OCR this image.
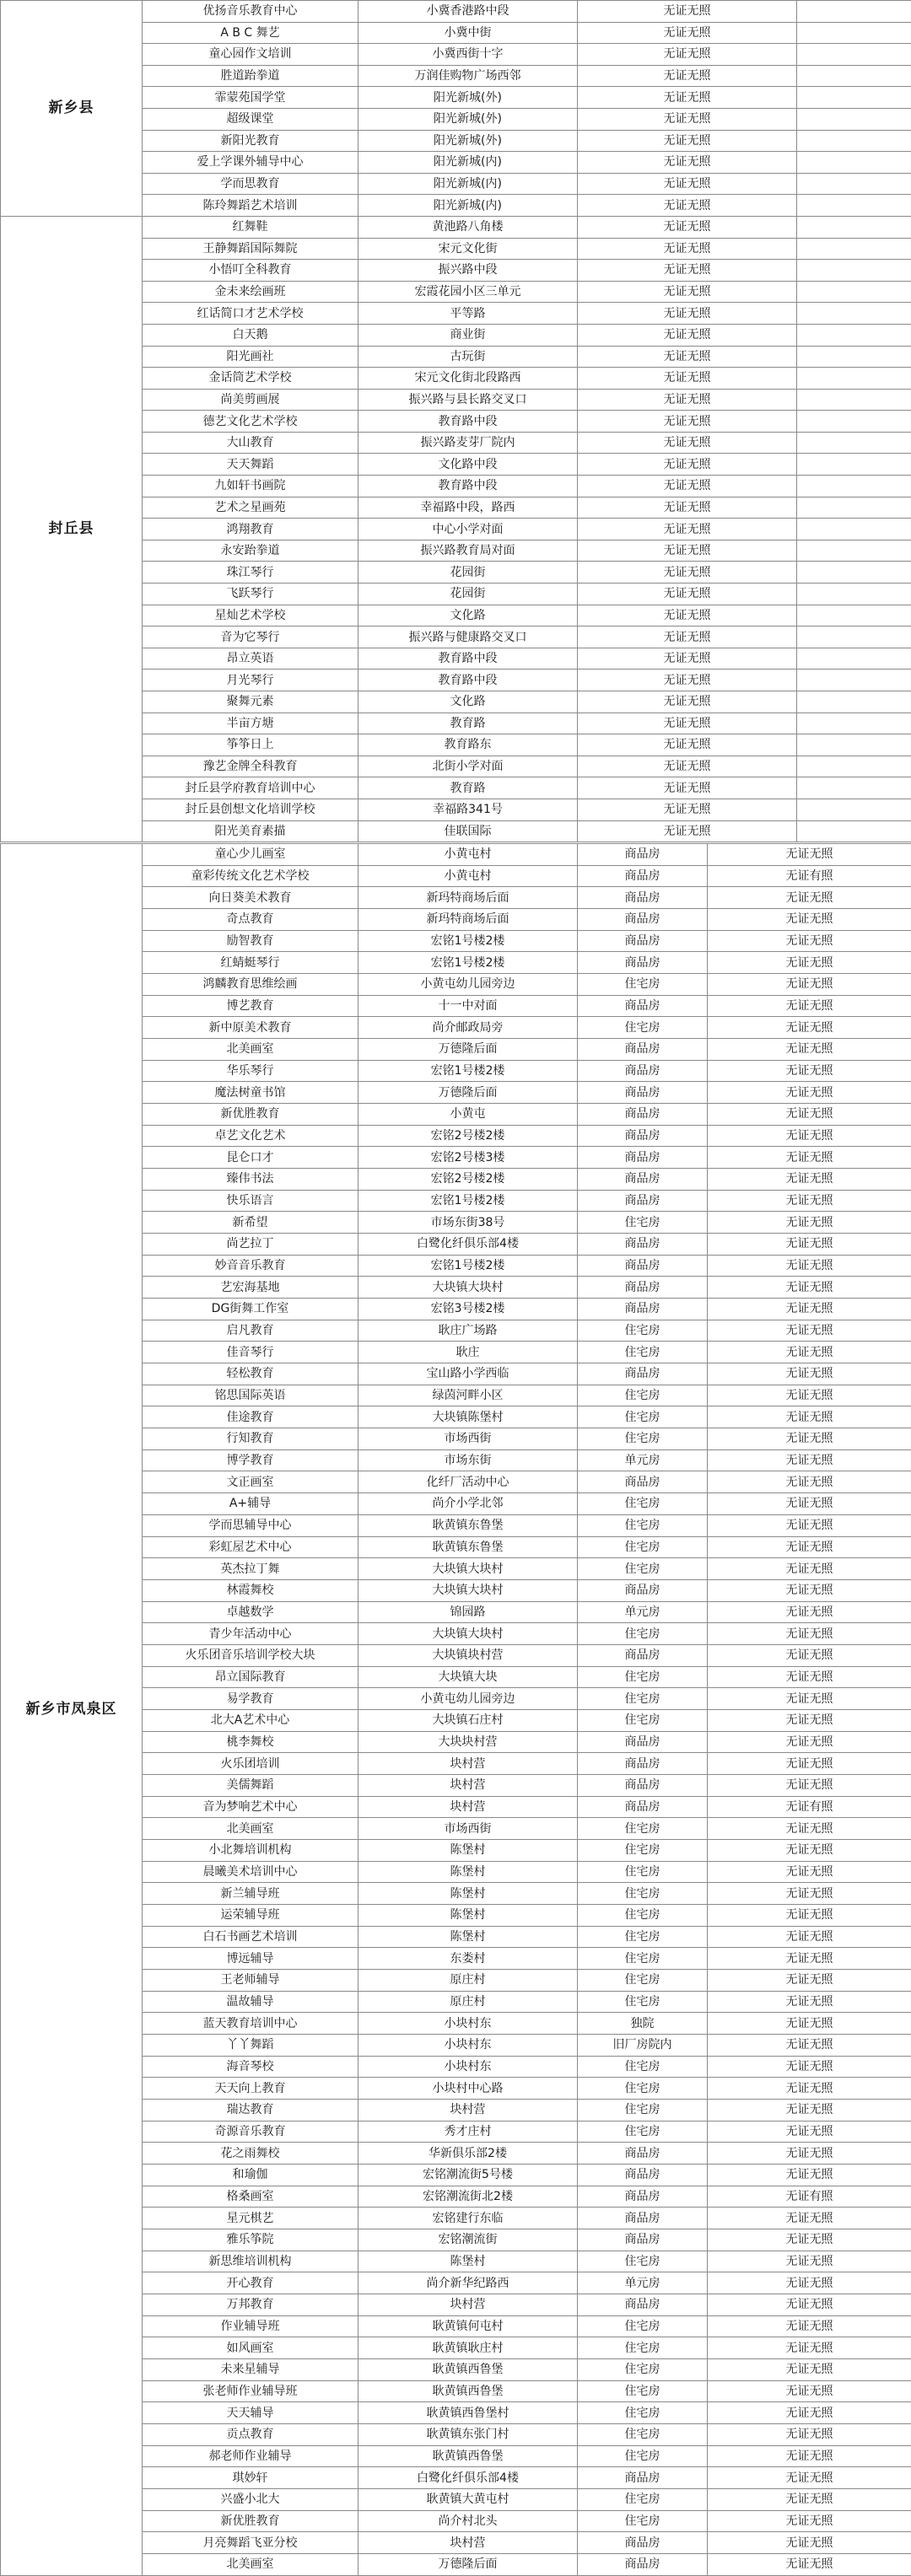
新乡县	优扬音乐教育中心	小冀香港路中段	无证无照	
	A B C 舞艺	小冀中街	无证无照	
	童心园作文培训	小冀西街十字	无证无照	
	胜道跆拳道	万润佳购物广场西邻	无证无照	
	霏蒙苑国学堂	阳光新城(外)	无证无照	
	超级课堂	阳光新城(外)	无证无照	
	新阳光教育	阳光新城(外)	无证无照	
	爱上学课外辅导中心	阳光新城(内)	无证无照	
	学而思教育	阳光新城(内)	无证无照	
	陈玲舞蹈艺术培训	阳光新城(内)	无证无照	
封丘县	红舞鞋	黄池路八角楼	无证无照	
	王静舞蹈国际舞院	宋元文化街	无证无照	
	小悟叮全科教育	振兴路中段	无证无照	
	金未来绘画班	宏霞花园小区三单元	无证无照	
	红话简口才艺术学校	平等路	无证无照	
	白天鹅	商业街	无证无照	
	阳光画社	古玩街	无证无照	
	金话筒艺术学校	宋元文化街北段路西	无证无照	
	尚美剪画展	振兴路与县长路交叉口	无证无照	
	德艺文化艺术学校	教育路中段	无证无照	
	大山教育	振兴路麦芽厂院内	无证无照	
	天天舞蹈	文化路中段	无证无照	
	九如轩书画院	教育路中段	无证无照	
	艺术之星画苑	幸福路中段，路西	无证无照	
	鸿翔教育	中心小学对面	无证无照	
	永安跆拳道	振兴路教育局对面	无证无照	
	珠江琴行	花园街	无证无照	
	飞跃琴行	花园街	无证无照	
	星灿艺术学校	文化路	无证无照	
	音为它琴行	振兴路与健康路交叉口	无证无照	
	昂立英语	教育路中段	无证无照	
	月光琴行	教育路中段	无证无照	
	聚舞元素	文化路	无证无照	
	半亩方塘	教育路	无证无照	
	筝筝日上	教育路东	无证无照	
	豫艺金牌全科教育	北街小学对面	无证无照	
	封丘县学府教育培训中心	教育路	无证无照	
	封丘县创想文化培训学校	幸福路341号	无证无照	
	阳光美育素描	佳联国际	无证无照	
新乡市凤泉区	童心少儿画室	小黄屯村	商品房	无证无照
	童彩传统文化艺术学校	小黄屯村	商品房	无证有照
	向日葵美术教育	新玛特商场后面	商品房	无证无照
	奇点教育	新玛特商场后面	商品房	无证无照
	励智教育	宏铭1号楼2楼	商品房	无证无照
	红蜻蜓琴行	宏铭1号楼2楼	商品房	无证无照
	鸿麟教育思维绘画	小黄屯幼儿园旁边	住宅房	无证无照
	博艺教育	十一中对面	商品房	无证无照
	新中原美术教育	尚介邮政局旁	住宅房	无证无照
	北美画室	万德隆后面	商品房	无证无照
	华乐琴行	宏铭1号楼2楼	商品房	无证无照
	魔法树童书馆	万德隆后面	商品房	无证无照
	新优胜教育	小黄屯	商品房	无证无照
	卓艺文化艺术	宏铭2号楼2楼	商品房	无证无照
	昆仑口才	宏铭2号楼3楼	商品房	无证无照
	臻伟书法	宏铭2号楼2楼	商品房	无证无照
	快乐语言	宏铭1号楼2楼	商品房	无证无照
	新希望	市场东街38号	住宅房	无证无照
	尚艺拉丁	白鹭化纤俱乐部4楼	商品房	无证无照
	妙音音乐教育	宏铭1号楼2楼	商品房	无证无照
	艺宏海基地	大块镇大块村	商品房	无证无照
	DG街舞工作室	宏铭3号楼2楼	商品房	无证无照
	启凡教育	耿庄广场路	住宅房	无证无照
	佳音琴行	耿庄	住宅房	无证无照
	轻松教育	宝山路小学西临	商品房	无证无照
	铭思国际英语	绿茵河畔小区	住宅房	无证无照
	佳途教育	大块镇陈堡村	住宅房	无证无照
	行知教育	市场西街	住宅房	无证无照
	博学教育	市场东街	单元房	无证无照
	文正画室	化纤厂活动中心	商品房	无证无照
	A+辅导	尚介小学北邻	住宅房	无证无照
	学而思辅导中心	耿黄镇东鲁堡	住宅房	无证无照
	彩虹屋艺术中心	耿黄镇东鲁堡	住宅房	无证无照
	英杰拉丁舞	大块镇大块村	住宅房	无证无照
	林霞舞校	大块镇大块村	商品房	无证无照
	卓越数学	锦园路	单元房	无证无照
	青少年活动中心	大块镇大块村	住宅房	无证无照
	火乐团音乐培训学校大块	大块镇块村营	商品房	无证无照
	昂立国际教育	大块镇大块	住宅房	无证无照
	易学教育	小黄屯幼儿园旁边	住宅房	无证无照
	北大A艺术中心	大块镇石庄村	住宅房	无证无照
	桃李舞校	大块块村营	商品房	无证无照
	火乐团培训	块村营	商品房	无证无照
	美儒舞蹈	块村营	商品房	无证无照
	音为梦响艺术中心	块村营	商品房	无证有照
	北美画室	市场西街	住宅房	无证无照
	小北舞培训机构	陈堡村	住宅房	无证无照
	晨曦美术培训中心	陈堡村	住宅房	无证无照
	新兰辅导班	陈堡村	住宅房	无证无照
	运荣辅导班	陈堡村	住宅房	无证无照
	白石书画艺术培训	陈堡村	住宅房	无证无照
	博远辅导	东娄村	住宅房	无证无照
	王老师辅导	原庄村	住宅房	无证无照
	温故辅导	原庄村	住宅房	无证无照
	蓝天教育培训中心	小块村东	独院	无证无照
	丫丫舞蹈	小块村东	旧厂房院内	无证无照
	海音琴校	小块村东	住宅房	无证无照
	天天向上教育	小块村中心路	住宅房	无证无照
	瑞达教育	块村营	住宅房	无证无照
	奇源音乐教育	秀才庄村	住宅房	无证无照
	花之雨舞校	华新俱乐部2楼	商品房	无证无照
	和瑜伽	宏铭潮流街5号楼	商品房	无证无照
	格桑画室	宏铭潮流街北2楼	商品房	无证有照
	星元棋艺	宏铭建行东临	商品房	无证无照
	雅乐筝院	宏铭潮流街	商品房	无证无照
	新思维培训机构	陈堡村	住宅房	无证无照
	开心教育	尚介新华纪路西	单元房	无证无照
	万邦教育	块村营	商品房	无证无照
	作业辅导班	耿黄镇何屯村	住宅房	无证无照
	如风画室	耿黄镇耿庄村	住宅房	无证无照
	未来星辅导	耿黄镇西鲁堡	住宅房	无证无照
	张老师作业辅导班	耿黄镇西鲁堡	住宅房	无证无照
	天天辅导	耿黄镇西鲁堡村	住宅房	无证无照
	贡点教育	耿黄镇东张门村	住宅房	无证无照
	郝老师作业辅导	耿黄镇西鲁堡	住宅房	无证无照
	琪妙轩	白鹭化纤俱乐部4楼	商品房	无证无照
	兴盛小北大	耿黄镇大黄屯村	住宅房	无证无照
	新优胜教育	尚介村北头	住宅房	无证无照
	月亮舞蹈飞亚分校	块村营	商品房	无证无照
	北美画室	万德隆后面	商品房	无证无照
